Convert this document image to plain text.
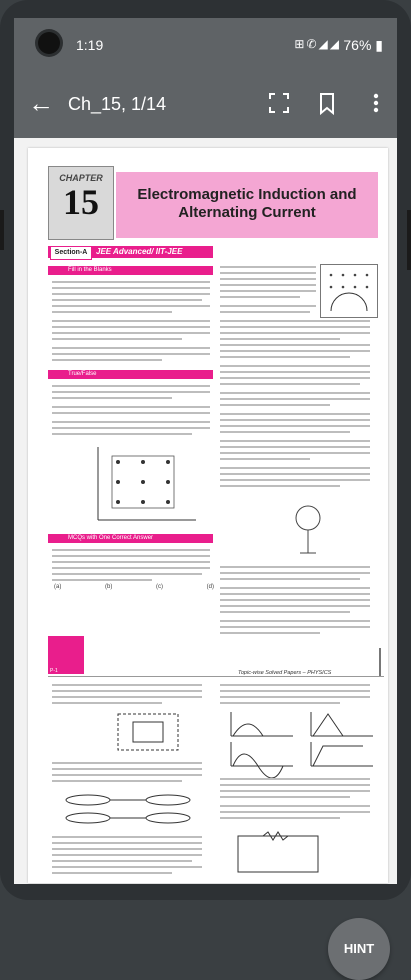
1:19	⊞✆◢◢ 76% ▮
← Ch_15, 1/14
CHAPTER
15	Electromagnetic Induction and Alternating Current
Section-A	JEE Advanced/ IIT-JEE
Fill in the Blanks
True/False
MCQs with One Correct Answer
(a)	(b)	(c)	(d)
P-1	Topic-wise Solved Papers – PHYSICS
HINT
